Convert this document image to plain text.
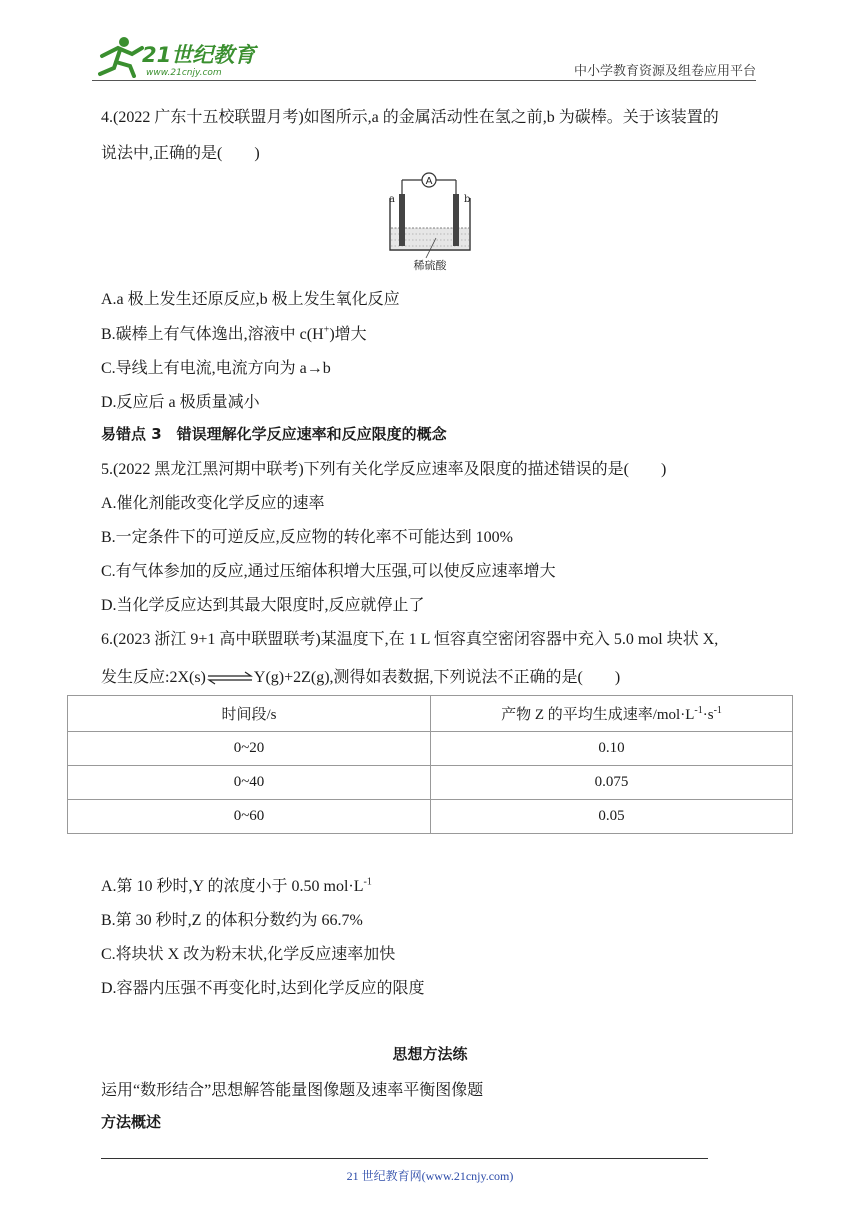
21世纪教育
www.21cnjy.com	中小学教育资源及组卷应用平台
4.(2022 广东十五校联盟月考)如图所示,a 的金属活动性在氢之前,b 为碳棒。关于该装置的
说法中,正确的是(　　)
A
a	b
稀硫酸
A.a 极上发生还原反应,b 极上发生氧化反应
B.碳棒上有气体逸出,溶液中 c(H+)增大
C.导线上有电流,电流方向为 a→b
D.反应后 a 极质量减小
易错点 3　错误理解化学反应速率和反应限度的概念
5.(2022 黑龙江黑河期中联考)下列有关化学反应速率及限度的描述错误的是(　　)
A.催化剂能改变化学反应的速率
B.一定条件下的可逆反应,反应物的转化率不可能达到 100%
C.有气体参加的反应,通过压缩体积增大压强,可以使反应速率增大
D.当化学反应达到其最大限度时,反应就停止了
6.(2023 浙江 9+1 高中联盟联考)某温度下,在 1 L 恒容真空密闭容器中充入 5.0 mol 块状 X,
发生反应:2X(s)⇌Y(g)+2Z(g),测得如表数据,下列说法不正确的是(　　)
时间段/s	产物 Z 的平均生成速率$/mol\cdot L^{-1}\cdot s^{-1}$
0~20	0.10
0~40	0.075
0~60	0.05
A.第 10 秒时,Y 的浓度小于 0.50 $mol\cdot L^{-1}$
B.第 30 秒时,Z 的体积分数约为 66.7%
C.将块状 X 改为粉末状,化学反应速率加快
D.容器内压强不再变化时,达到化学反应的限度
思想方法练
运用“数形结合”思想解答能量图像题及速率平衡图像题
方法概述
21 世纪教育网(www.21cnjy.com)
